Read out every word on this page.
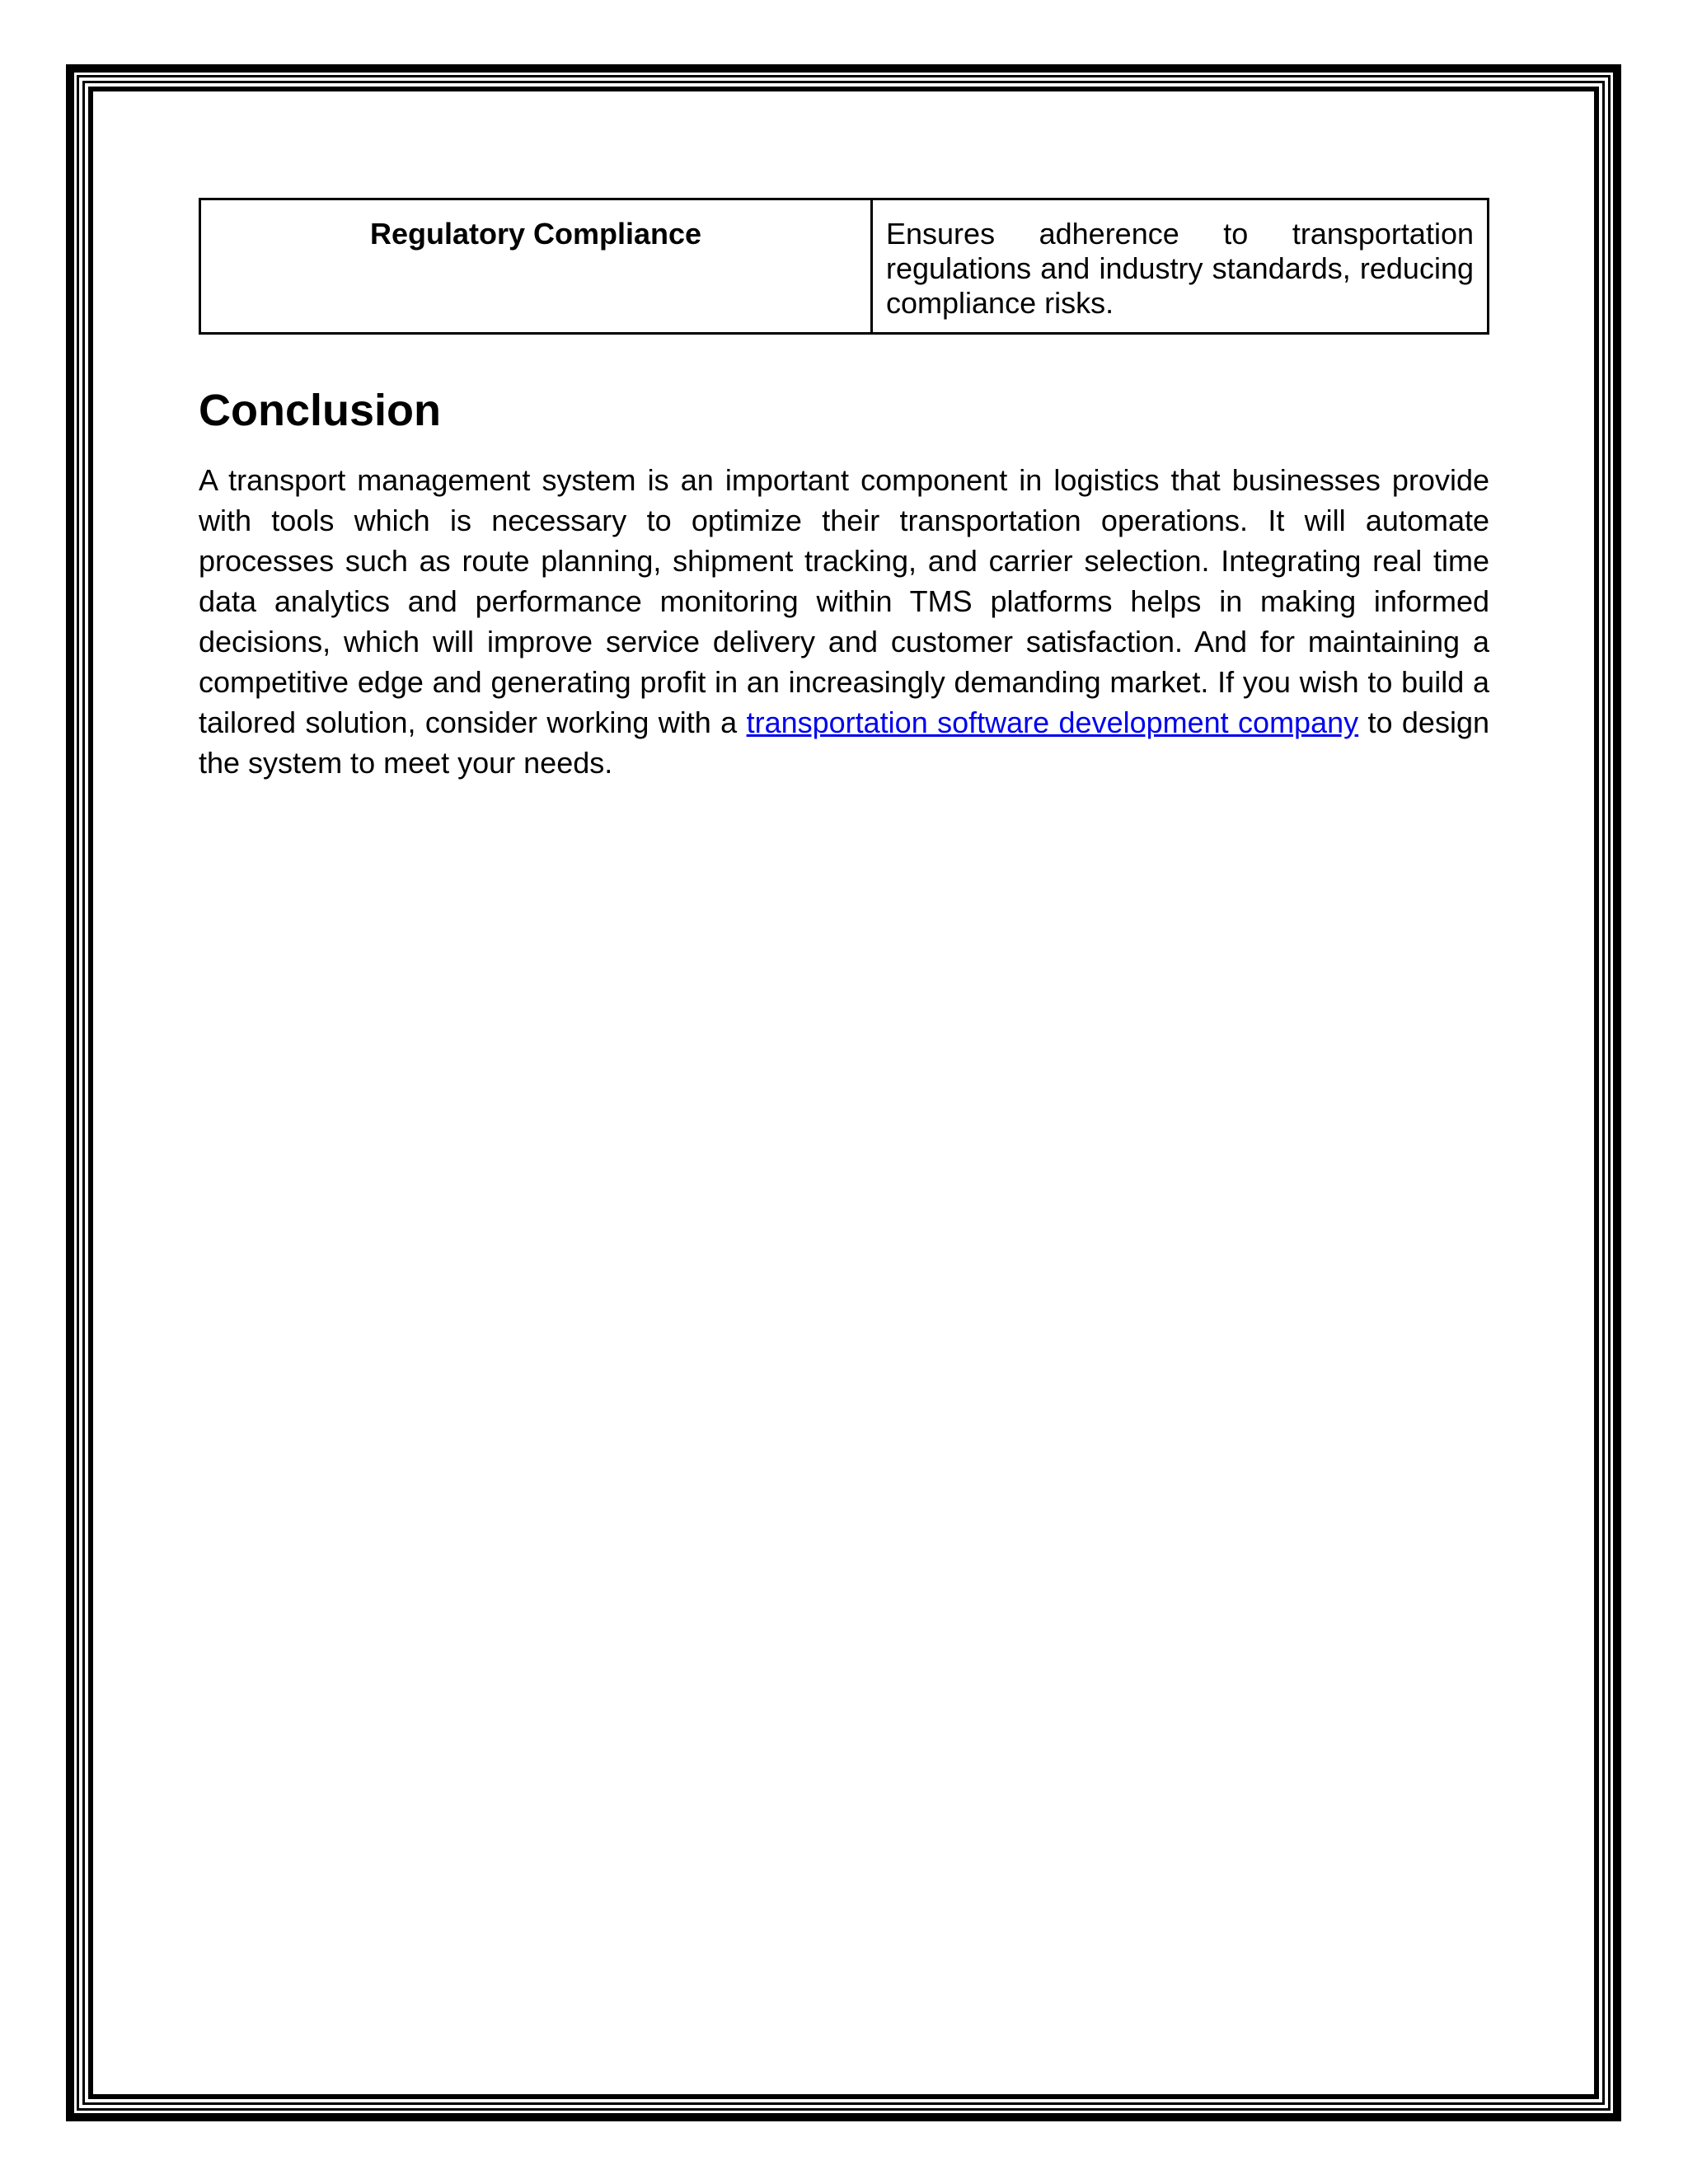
Regulatory Compliance	Ensures adherence to transportation regulations and industry standards, reducing compliance risks.
Conclusion

A transport management system is an important component in logistics that businesses provide with tools which is necessary to optimize their transportation operations. It will automate processes such as route planning, shipment tracking, and carrier selection. Integrating real time data analytics and performance monitoring within TMS platforms helps in making informed decisions, which will improve service delivery and customer satisfaction. And for maintaining a competitive edge and generating profit in an increasingly demanding market. If you wish to build a tailored solution, consider working with a transportation software development company to design the system to meet your needs.
